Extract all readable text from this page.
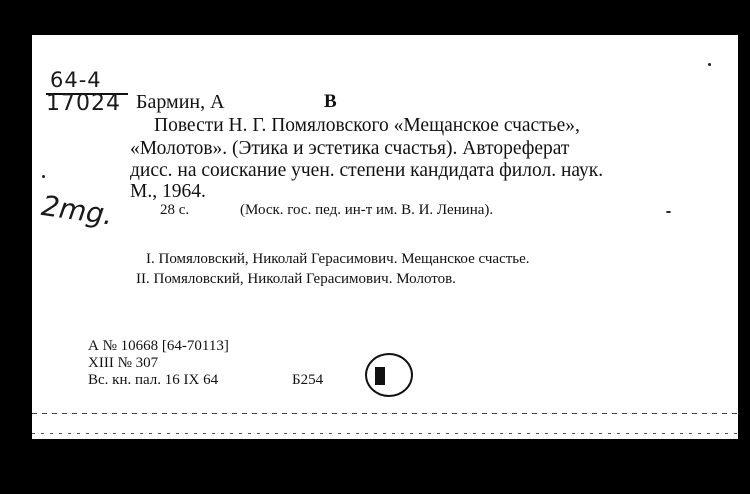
64-4
17024 Бармин, А	В
Повести Н. Г. Помяловского «Мещанское счастье»,
«Молотов». (Этика и эстетика счастья). Автореферат
дисс. на соискание учен. степени кандидата филол. наук.
М., 1964.
28 с.	(Моск. гос. пед. ин-т им. В. И. Ленина).
I. Помяловский, Николай Герасимович. Мещанское счастье.
II. Помяловский, Николай Герасимович. Молотов.
А № 10668 [64-70113]
XIII № 307
Вс. кн. пал. 16 IX 64	Б254
2mg.
